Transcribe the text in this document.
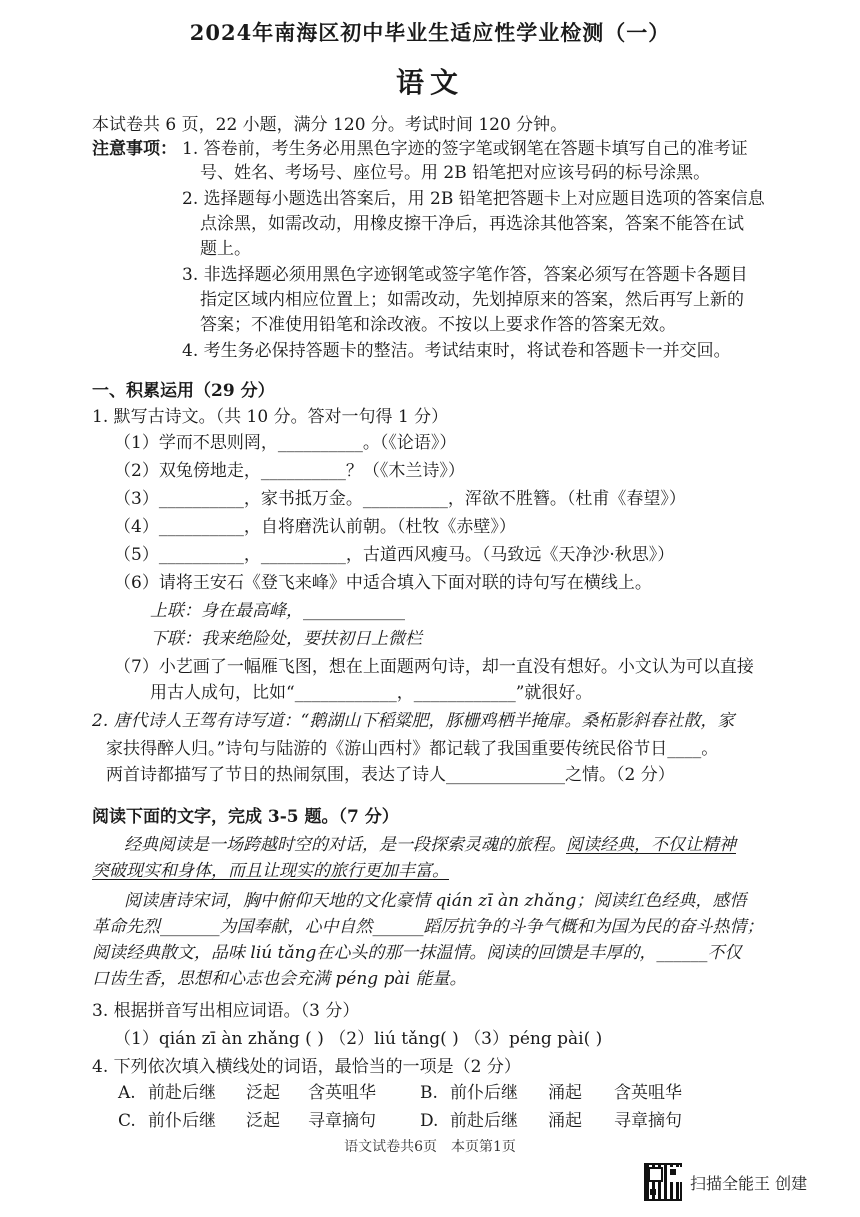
2024年南海区初中毕业生适应性学业检测（一）
语文
本试卷共 6 页，22 小题，满分 120 分。考试时间 120 分钟。
注意事项： 1. 答卷前，考生务必用黑色字迹的签字笔或钢笔在答题卡填写自己的准考证
号、姓名、考场号、座位号。用 2B 铅笔把对应该号码的标号涂黑。
2. 选择题每小题选出答案后，用 2B 铅笔把答题卡上对应题目选项的答案信息
点涂黑，如需改动，用橡皮擦干净后，再选涂其他答案，答案不能答在试
题上。
3. 非选择题必须用黑色字迹钢笔或签字笔作答，答案必须写在答题卡各题目
指定区域内相应位置上；如需改动，先划掉原来的答案，然后再写上新的
答案；不准使用铅笔和涂改液。不按以上要求作答的答案无效。
4. 考生务必保持答题卡的整洁。考试结束时，将试卷和答题卡一并交回。
一、积累运用（29 分）
1. 默写古诗文。（共 10 分。答对一句得 1 分）
（1）学而不思则罔，__________。（《论语》）
（2）双兔傍地走，__________？（《木兰诗》）
（3）__________，家书抵万金。__________，浑欲不胜簪。（杜甫《春望》）
（4）__________，自将磨洗认前朝。（杜牧《赤壁》）
（5）__________，__________，古道西风瘦马。（马致远《天净沙·秋思》）
（6）请将王安石《登飞来峰》中适合填入下面对联的诗句写在横线上。
上联：身在最高峰，____________
下联：我来绝险处，要扶初日上微栏
（7）小艺画了一幅雁飞图，想在上面题两句诗，却一直没有想好。小文认为可以直接
用古人成句，比如“____________，____________”就很好。
2. 唐代诗人王驾有诗写道：“鹅湖山下稻粱肥，豚栅鸡栖半掩扉。桑柘影斜春社散，家
家扶得醉人归。”诗句与陆游的《游山西村》都记载了我国重要传统民俗节日____。
两首诗都描写了节日的热闹氛围，表达了诗人______________之情。（2 分）
阅读下面的文字，完成 3-5 题。（7 分）
经典阅读是一场跨越时空的对话，是一段探索灵魂的旅程。阅读经典，不仅让精神
突破现实和身体，而且让现实的旅行更加丰富。
阅读唐诗宋词，胸中俯仰天地的文化豪情 qián zī àn zhǎng；阅读红色经典，感悟
革命先烈_______为国奉献，心中自然______蹈厉抗争的斗争气概和为国为民的奋斗热情；
阅读经典散文，品味 liú tǎng在心头的那一抹温情。阅读的回馈是丰厚的，______不仅
口齿生香，思想和心志也会充满 péng pài 能量。
3. 根据拼音写出相应词语。（3 分）
（1）qián zī àn zhǎng ( ) （2）liú tǎng( ) （3）péng pài( )
4. 下列依次填入横线处的词语，最恰当的一项是（2 分）
A. 前赴后继 泛起 含英咀华	B. 前仆后继 涌起 含英咀华
C. 前仆后继 泛起 寻章摘句	D. 前赴后继 涌起 寻章摘句
语文试卷共6页　本页第1页
扫描全能王 创建
